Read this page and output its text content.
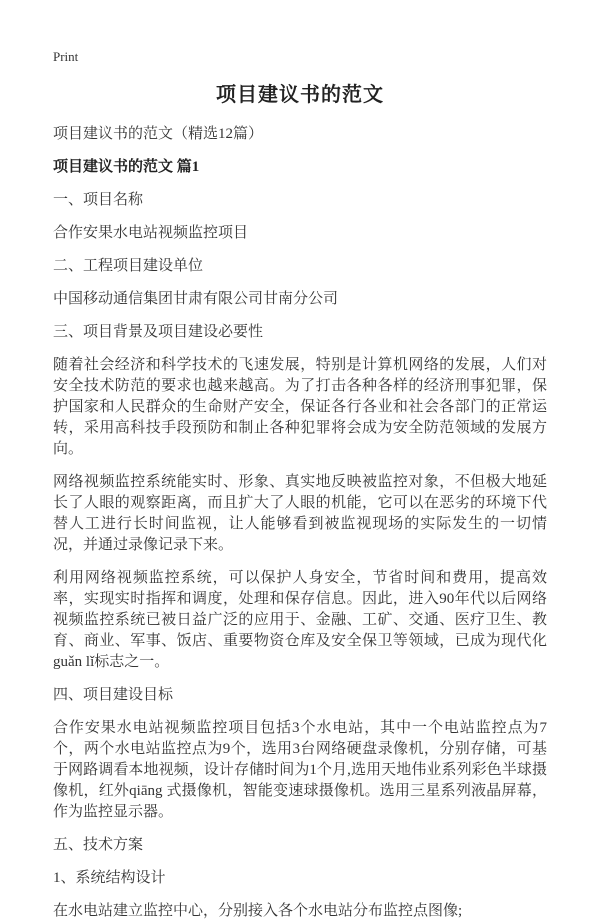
Print
项目建议书的范文

项目建议书的范文（精选12篇）

项目建议书的范文 篇1

一、项目名称

合作安果水电站视频监控项目

二、工程项目建设单位

中国移动通信集团甘肃有限公司甘南分公司

三、项目背景及项目建设必要性

随着社会经济和科学技术的飞速发展，特别是计算机网络的发展，人们对安全技术防范的要求也越来越高。为了打击各种各样的经济刑事犯罪，保护国家和人民群众的生命财产安全，保证各行各业和社会各部门的正常运转，采用高科技手段预防和制止各种犯罪将会成为安全防范领域的发展方向。

网络视频监控系统能实时、形象、真实地反映被监控对象，不但极大地延长了人眼的观察距离，而且扩大了人眼的机能，它可以在恶劣的环境下代替人工进行长时间监视，让人能够看到被监视现场的实际发生的一切情况，并通过录像记录下来。

利用网络视频监控系统，可以保护人身安全，节省时间和费用，提高效率，实现实时指挥和调度，处理和保存信息。因此，进入90年代以后网络视频监控系统已被日益广泛的应用于、金融、工矿、交通、医疗卫生、教育、商业、军事、饭店、重要物资仓库及安全保卫等领域，已成为现代化guǎn lǐ标志之一。

四、项目建设目标

合作安果水电站视频监控项目包括3个水电站，其中一个电站监控点为7个，两个水电站监控点为9个，选用3台网络硬盘录像机，分别存储，可基于网路调看本地视频，设计存储时间为1个月,选用天地伟业系列彩色半球摄像机，红外qiāng 式摄像机，智能变速球摄像机。选用三星系列液晶屏幕，作为监控显示器。

五、技术方案

1、系统结构设计

在水电站建立监控中心，分别接入各个水电站分布监控点图像;
